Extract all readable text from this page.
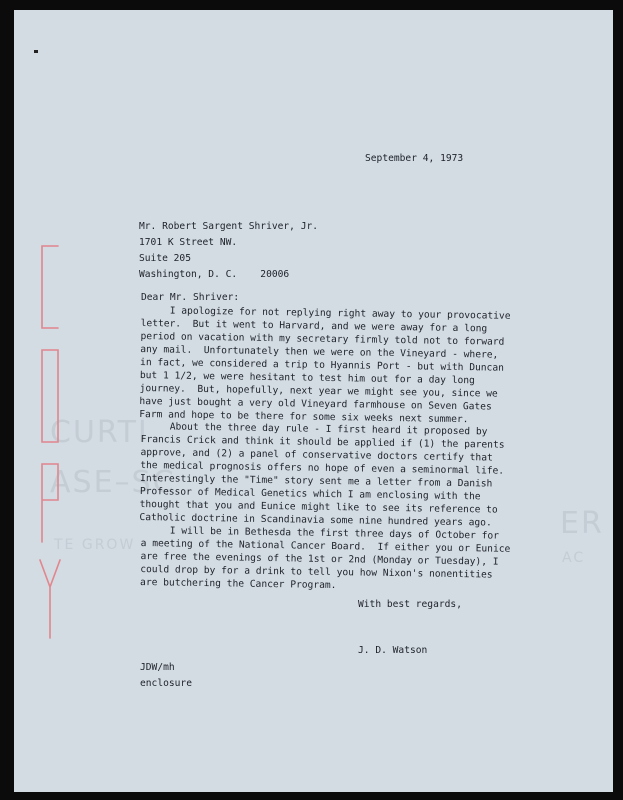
CURTI
ASE–SC
TE GROW
ER
AC

September 4, 1973

Mr. Robert Sargent Shriver, Jr.

1701 K Street NW.

Suite 205

Washington, D. C.    20006

Dear Mr. Shriver:

I apologize for not replying right away to your provocative

letter.  But it went to Harvard, and we were away for a long

period on vacation with my secretary firmly told not to forward

any mail.  Unfortunately then we were on the Vineyard - where,

in fact, we considered a trip to Hyannis Port - but with Duncan

but 1 1/2, we were hesitant to test him out for a day long

journey.  But, hopefully, next year we might see you, since we

have just bought a very old Vineyard farmhouse on Seven Gates

Farm and hope to be there for some six weeks next summer.

About the three day rule - I first heard it proposed by

Francis Crick and think it should be applied if (1) the parents

approve, and (2) a panel of conservative doctors certify that

the medical prognosis offers no hope of even a seminormal life.

Interestingly the "Time" story sent me a letter from a Danish

Professor of Medical Genetics which I am enclosing with the

thought that you and Eunice might like to see its reference to

Catholic doctrine in Scandinavia some nine hundred years ago.

I will be in Bethesda the first three days of October for

a meeting of the National Cancer Board.  If either you or Eunice

are free the evenings of the 1st or 2nd (Monday or Tuesday), I

could drop by for a drink to tell you how Nixon's nonentities

are butchering the Cancer Program.

With best regards,

J. D. Watson

JDW/mh

enclosure
